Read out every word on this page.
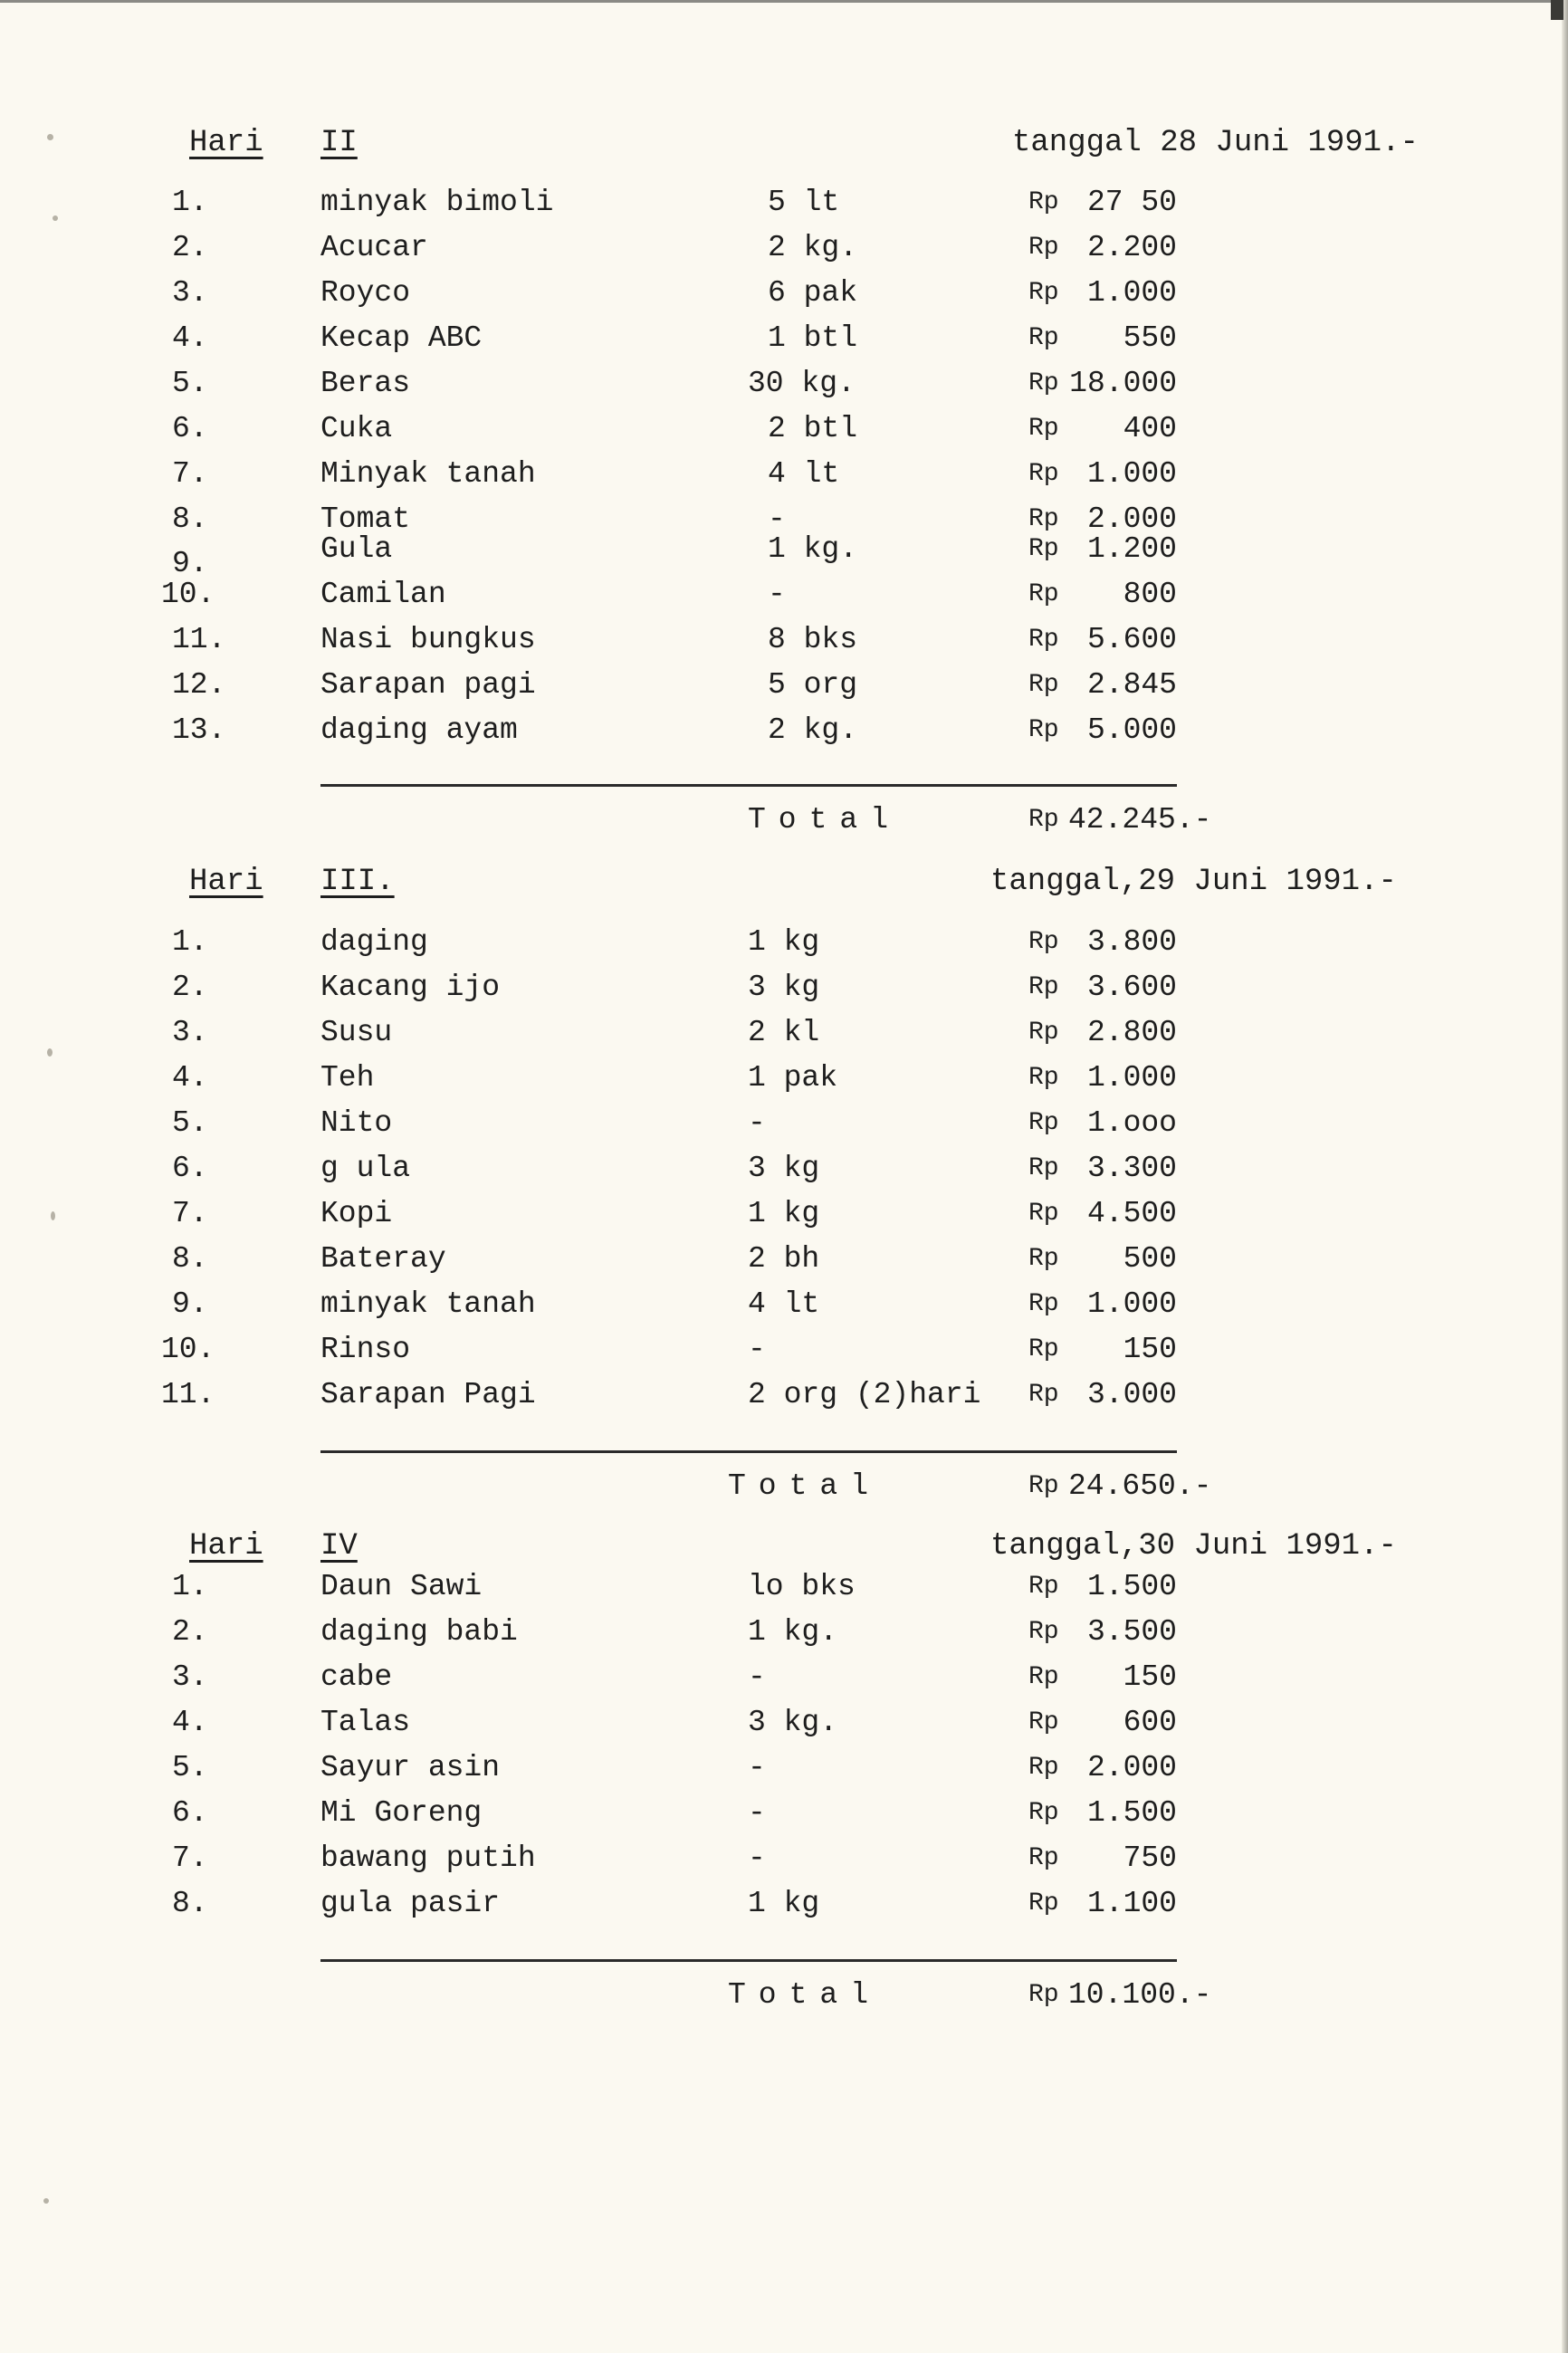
Hari II	tanggal 28 Juni 1991.-
1.	minyak bimoli	5 lt	Rp 27 50
2.	Acucar	2 kg.	Rp 2.200
3.	Royco	6 pak	Rp 1.000
4.	Kecap ABC	1 btl	Rp	550
5.	Beras	30 kg.	Rp 18.000
6.	Cuka	2 btl	Rp	400
7.	Minyak tanah	4 lt	Rp 1.000
8.	Tomat	-	Rp 2.000
9.	Gula	1 kg.	Rp 1.200
10.	Camilan	-	Rp	800
11.	Nasi bungkus	8 bks	Rp 5.600
12.	Sarapan pagi	5 org	Rp 2.845
13.	daging ayam	2 kg.	Rp 5.000
Total	Rp 42.245.-
Hari III.	tanggal,29 Juni 1991.-
1.	daging	1 kg	Rp 3.800
2.	Kacang ijo	3 kg	Rp 3.600
3.	Susu	2 kl	Rp 2.800
4.	Teh	1 pak	Rp 1.000
5.	Nito	-	Rp 1.ooo
6.	g ula	3 kg	Rp 3.300
7.	Kopi	1 kg	Rp 4.500
8.	Bateray	2 bh	Rp	500
9.	minyak tanah	4 lt	Rp 1.000
10.	Rinso	-	Rp	150
11.	Sarapan Pagi	2 org (2)hari	Rp 3.000
Total	Rp 24.650.-
Hari IV	tanggal,30 Juni 1991.-
1.	Daun Sawi	lo bks	Rp 1.500
2.	daging babi	1 kg.	Rp 3.500
3.	cabe	-	Rp	150
4.	Talas	3 kg.	Rp	600
5.	Sayur asin	-	Rp 2.000
6.	Mi Goreng	-	Rp 1.500
7.	bawang putih	-	Rp	750
8.	gula pasir	1 kg	Rp 1.100
Total	Rp 10.100.-
